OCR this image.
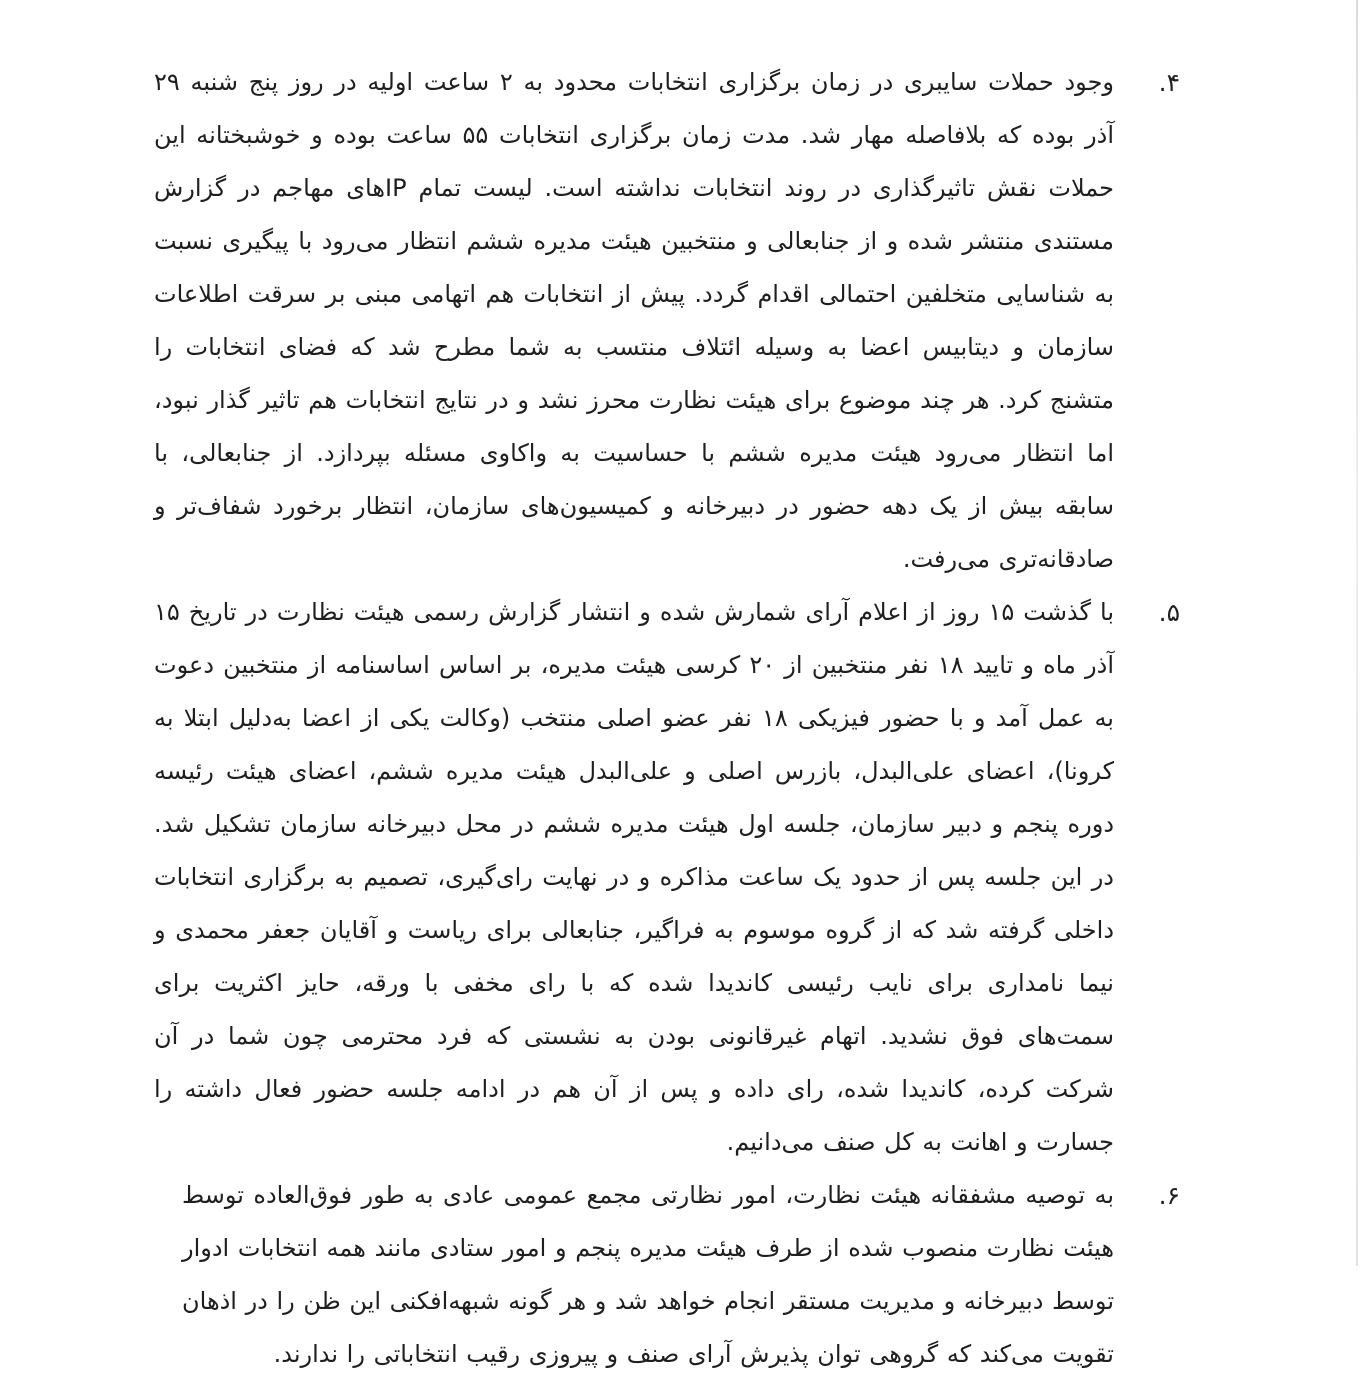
۴.

وجود حملات سایبری در زمان برگزاری انتخابات محدود به ۲ ساعت اولیه در روز پنج شنبه ۲۹ آذر بوده که بلافاصله مهار شد. مدت زمان برگزاری انتخابات ۵۵ ساعت بوده و خوشبختانه این حملات نقش تاثیرگذاری در روند انتخابات نداشته است. لیست تمام IPهای مهاجم در گزارش مستندی منتشر شده و از جنابعالی و منتخبین هیئت مدیره ششم انتظار می‌رود با پیگیری نسبت به شناسایی متخلفین احتمالی اقدام گردد. پیش از انتخابات هم اتهامی مبنی بر سرقت اطلاعات سازمان و دیتابیس اعضا به وسیله ائتلاف منتسب به شما مطرح شد که فضای انتخابات را متشنج کرد. هر چند موضوع برای هیئت نظارت محرز نشد و در نتایج انتخابات هم تاثیر گذار نبود، اما انتظار می‌رود هیئت مدیره ششم با حساسیت به واکاوی مسئله بپردازد. از جنابعالی، با سابقه بیش از یک دهه حضور در دبیرخانه و کمیسیون‌های سازمان، انتظار برخورد شفاف‌تر و صادقانه‌تری می‌رفت.

۵.

با گذشت ۱۵ روز از اعلام آرای شمارش شده و انتشار گزارش رسمی هیئت نظارت در تاریخ ۱۵ آذر ماه و تایید ۱۸ نفر منتخبین از ۲۰ کرسی هیئت مدیره، بر اساس اساسنامه از منتخبین دعوت به عمل آمد و با حضور فیزیکی ۱۸ نفر عضو اصلی منتخب (وکالت یکی از اعضا به‌دلیل ابتلا به کرونا)، اعضای علی‌البدل، بازرس اصلی و علی‌البدل هیئت مدیره ششم، اعضای هیئت رئیسه دوره پنجم و دبیر سازمان، جلسه اول هیئت مدیره ششم در محل دبیرخانه سازمان تشکیل شد. در این جلسه پس از حدود یک ساعت مذاکره و در نهایت رای‌گیری، تصمیم به برگزاری انتخابات داخلی گرفته شد که از گروه موسوم به فراگیر، جنابعالی برای ریاست و آقایان جعفر محمدی و نیما نامداری برای نایب رئیسی کاندیدا شده که با رای مخفی با ورقه، حایز اکثریت برای سمت‌های فوق نشدید. اتهام غیرقانونی بودن به نشستی که فرد محترمی چون شما در آن شرکت کرده، کاندیدا شده، رای داده و پس از آن هم در ادامه جلسه حضور فعال داشته را جسارت و اهانت به کل صنف می‌دانیم.

۶.

به توصیه مشفقانه هیئت نظارت، امور نظارتی مجمع عمومی عادی به طور فوق‌العاده توسط هیئت نظارت منصوب شده از طرف هیئت مدیره پنجم و امور ستادی مانند همه انتخابات ادوار توسط دبیرخانه و مدیریت مستقر انجام خواهد شد و هر گونه شبهه‌افکنی این ظن را در اذهان تقویت می‌کند که گروهی توان پذیرش آرای صنف و پیروزی رقیب انتخاباتی را ندارند.
